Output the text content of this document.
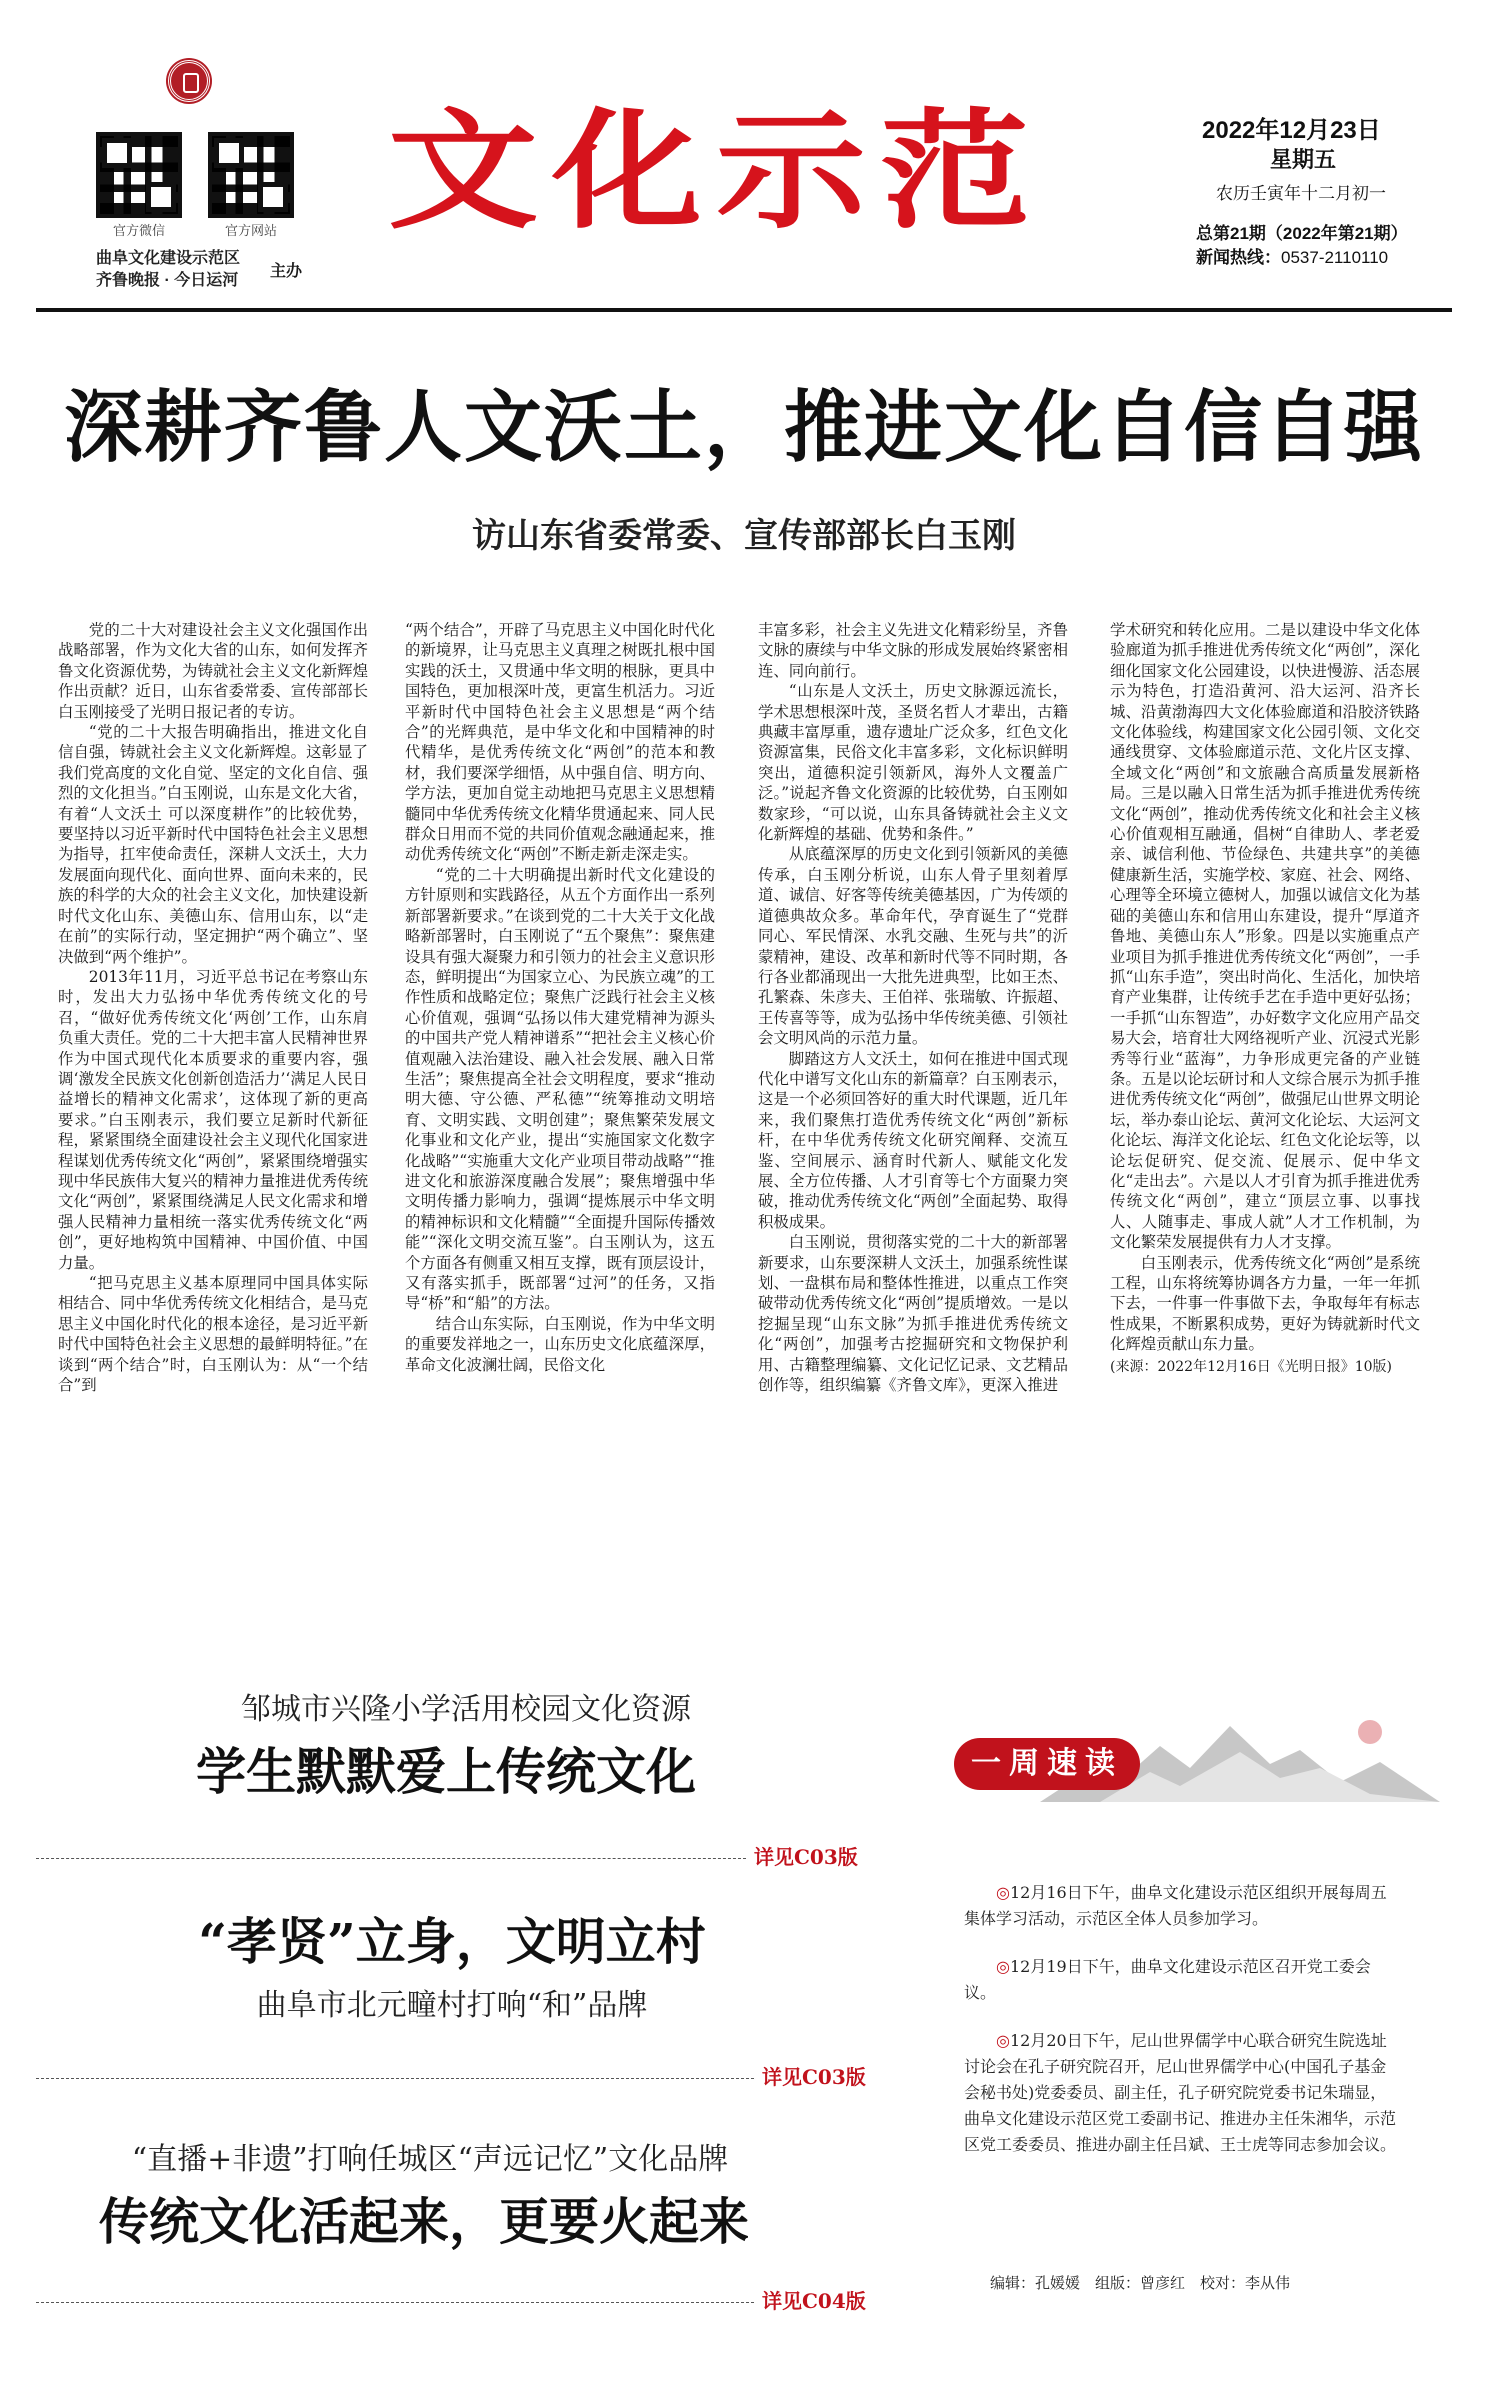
官方微信	官方网站
曲阜文化建设示范区
齐鲁晚报 · 今日运河
主办
文化示范	2022年12月23日
星期五
农历壬寅年十二月初一
总第21期（2022年第21期）
新闻热线：0537-2110110
深耕齐鲁人文沃土，推进文化自信自强
访山东省委常委、宣传部部长白玉刚

党的二十大对建设社会主义文化强国作出战略部署，作为文化大省的山东，如何发挥齐鲁文化资源优势，为铸就社会主义文化新辉煌作出贡献？近日，山东省委常委、宣传部部长白玉刚接受了光明日报记者的专访。

“党的二十大报告明确指出，推进文化自信自强，铸就社会主义文化新辉煌。这彰显了我们党高度的文化自觉、坚定的文化自信、强烈的文化担当。”白玉刚说，山东是文化大省，有着“人文沃土 可以深度耕作”的比较优势，要坚持以习近平新时代中国特色社会主义思想为指导，扛牢使命责任，深耕人文沃土，大力发展面向现代化、面向世界、面向未来的，民族的科学的大众的社会主义文化，加快建设新时代文化山东、美德山东、信用山东，以“走在前”的实际行动，坚定拥护“两个确立”、坚决做到“两个维护”。

2013年11月，习近平总书记在考察山东时，发出大力弘扬中华优秀传统文化的号召，“做好优秀传统文化‘两创’工作，山东肩负重大责任。党的二十大把丰富人民精神世界作为中国式现代化本质要求的重要内容，强调‘激发全民族文化创新创造活力’‘满足人民日益增长的精神文化需求’，这体现了新的更高要求。”白玉刚表示，我们要立足新时代新征程，紧紧围绕全面建设社会主义现代化国家进程谋划优秀传统文化“两创”，紧紧围绕增强实现中华民族伟大复兴的精神力量推进优秀传统文化“两创”，紧紧围绕满足人民文化需求和增强人民精神力量相统一落实优秀传统文化“两创”，更好地构筑中国精神、中国价值、中国力量。

“把马克思主义基本原理同中国具体实际相结合、同中华优秀传统文化相结合，是马克思主义中国化时代化的根本途径，是习近平新时代中国特色社会主义思想的最鲜明特征。”在谈到“两个结合”时，白玉刚认为：从“一个结合”到

“两个结合”，开辟了马克思主义中国化时代化的新境界，让马克思主义真理之树既扎根中国实践的沃土，又贯通中华文明的根脉，更具中国特色，更加根深叶茂，更富生机活力。习近平新时代中国特色社会主义思想是“两个结合”的光辉典范，是中华文化和中国精神的时代精华，是优秀传统文化“两创”的范本和教材，我们要深学细悟，从中强自信、明方向、学方法，更加自觉主动地把马克思主义思想精髓同中华优秀传统文化精华贯通起来、同人民群众日用而不觉的共同价值观念融通起来，推动优秀传统文化“两创”不断走新走深走实。

“党的二十大明确提出新时代文化建设的方针原则和实践路径，从五个方面作出一系列新部署新要求。”在谈到党的二十大关于文化战略新部署时，白玉刚说了“五个聚焦”：聚焦建设具有强大凝聚力和引领力的社会主义意识形态，鲜明提出“为国家立心、为民族立魂”的工作性质和战略定位；聚焦广泛践行社会主义核心价值观，强调“弘扬以伟大建党精神为源头的中国共产党人精神谱系”“把社会主义核心价值观融入法治建设、融入社会发展、融入日常生活”；聚焦提高全社会文明程度，要求“推动明大德、守公德、严私德”“统筹推动文明培育、文明实践、文明创建”；聚焦繁荣发展文化事业和文化产业，提出“实施国家文化数字化战略”“实施重大文化产业项目带动战略”“推进文化和旅游深度融合发展”；聚焦增强中华文明传播力影响力，强调“提炼展示中华文明的精神标识和文化精髓”“全面提升国际传播效能”“深化文明交流互鉴”。白玉刚认为，这五个方面各有侧重又相互支撑，既有顶层设计，又有落实抓手，既部署“过河”的任务，又指导“桥”和“船”的方法。

结合山东实际，白玉刚说，作为中华文明的重要发祥地之一，山东历史文化底蕴深厚，革命文化波澜壮阔，民俗文化

丰富多彩，社会主义先进文化精彩纷呈，齐鲁文脉的赓续与中华文脉的形成发展始终紧密相连、同向前行。

“山东是人文沃土，历史文脉源远流长，学术思想根深叶茂，圣贤名哲人才辈出，古籍典藏丰富厚重，遗存遗址广泛众多，红色文化资源富集，民俗文化丰富多彩，文化标识鲜明突出，道德积淀引领新风，海外人文覆盖广泛。”说起齐鲁文化资源的比较优势，白玉刚如数家珍，“可以说，山东具备铸就社会主义文化新辉煌的基础、优势和条件。”

从底蕴深厚的历史文化到引领新风的美德传承，白玉刚分析说，山东人骨子里刻着厚道、诚信、好客等传统美德基因，广为传颂的道德典故众多。革命年代，孕育诞生了“党群同心、军民情深、水乳交融、生死与共”的沂蒙精神，建设、改革和新时代等不同时期，各行各业都涌现出一大批先进典型，比如王杰、孔繁森、朱彦夫、王伯祥、张瑞敏、许振超、王传喜等等，成为弘扬中华传统美德、引领社会文明风尚的示范力量。

脚踏这方人文沃土，如何在推进中国式现代化中谱写文化山东的新篇章？白玉刚表示，这是一个必须回答好的重大时代课题，近几年来，我们聚焦打造优秀传统文化“两创”新标杆，在中华优秀传统文化研究阐释、交流互鉴、空间展示、涵育时代新人、赋能文化发展、全方位传播、人才引育等七个方面聚力突破，推动优秀传统文化“两创”全面起势、取得积极成果。

白玉刚说，贯彻落实党的二十大的新部署新要求，山东要深耕人文沃土，加强系统性谋划、一盘棋布局和整体性推进，以重点工作突破带动优秀传统文化“两创”提质增效。一是以挖掘呈现“山东文脉”为抓手推进优秀传统文化“两创”，加强考古挖掘研究和文物保护利用、古籍整理编纂、文化记忆记录、文艺精品创作等，组织编纂《齐鲁文库》，更深入推进

学术研究和转化应用。二是以建设中华文化体验廊道为抓手推进优秀传统文化“两创”，深化细化国家文化公园建设，以快进慢游、活态展示为特色，打造沿黄河、沿大运河、沿齐长城、沿黄渤海四大文化体验廊道和沿胶济铁路文化体验线，构建国家文化公园引领、文化交通线贯穿、文体验廊道示范、文化片区支撑、全域文化“两创”和文旅融合高质量发展新格局。三是以融入日常生活为抓手推进优秀传统文化“两创”，推动优秀传统文化和社会主义核心价值观相互融通，倡树“自律助人、孝老爱亲、诚信利他、节俭绿色、共建共享”的美德健康新生活，实施学校、家庭、社会、网络、心理等全环境立德树人，加强以诚信文化为基础的美德山东和信用山东建设，提升“厚道齐鲁地、美德山东人”形象。四是以实施重点产业项目为抓手推进优秀传统文化“两创”，一手抓“山东手造”，突出时尚化、生活化，加快培育产业集群，让传统手艺在手造中更好弘扬；一手抓“山东智造”，办好数字文化应用产品交易大会，培育壮大网络视听产业、沉浸式光影秀等行业“蓝海”，力争形成更完备的产业链条。五是以论坛研讨和人文综合展示为抓手推进优秀传统文化“两创”，做强尼山世界文明论坛，举办泰山论坛、黄河文化论坛、大运河文化论坛、海洋文化论坛、红色文化论坛等，以论坛促研究、促交流、促展示、促中华文化“走出去”。六是以人才引育为抓手推进优秀传统文化“两创”，建立“顶层立事、以事找人、人随事走、事成人就”人才工作机制，为文化繁荣发展提供有力人才支撑。

白玉刚表示，优秀传统文化“两创”是系统工程，山东将统筹协调各方力量，一年一年抓下去，一件事一件事做下去，争取每年有标志性成果，不断累积成势，更好为铸就新时代文化辉煌贡献山东力量。

(来源：2022年12月16日《光明日报》10版)
邹城市兴隆小学活用校园文化资源
学生默默爱上传统文化
详见C03版
“孝贤”立身，文明立村
曲阜市北元疃村打响“和”品牌
详见C03版
“直播+非遗”打响任城区“声远记忆”文化品牌
传统文化活起来，更要火起来
详见C04版
一周速读
◎12月16日下午，曲阜文化建设示范区组织开展每周五集体学习活动，示范区全体人员参加学习。
◎12月19日下午，曲阜文化建设示范区召开党工委会议。
◎12月20日下午，尼山世界儒学中心联合研究生院选址讨论会在孔子研究院召开，尼山世界儒学中心(中国孔子基金会秘书处)党委委员、副主任，孔子研究院党委书记朱瑞显，曲阜文化建设示范区党工委副书记、推进办主任朱湘华，示范区党工委委员、推进办副主任吕斌、王士虎等同志参加会议。
编辑：孔媛媛　组版：曾彦红　校对：李从伟
